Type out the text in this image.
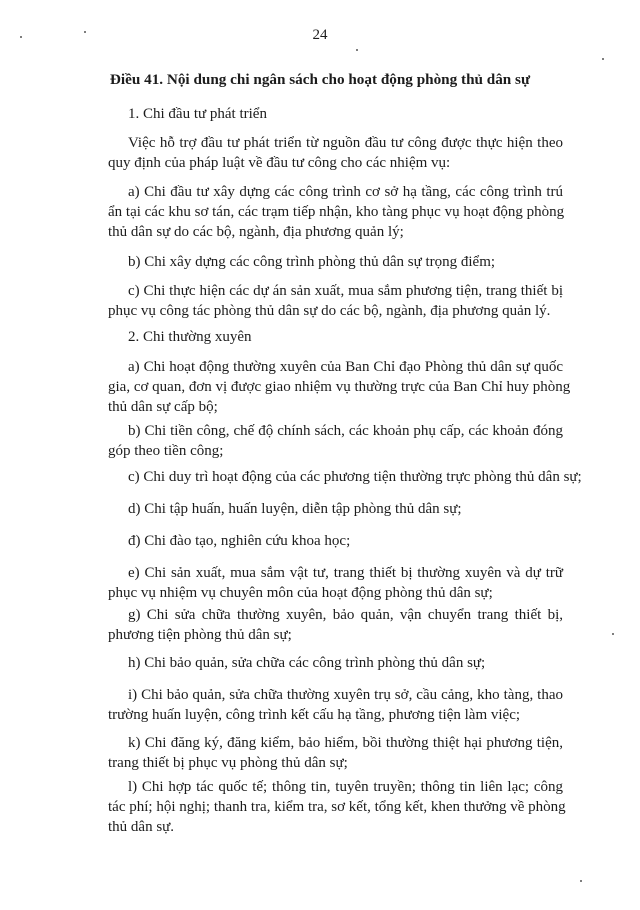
24
Điều 41. Nội dung chi ngân sách cho hoạt động phòng thủ dân sự
1. Chi đầu tư phát triển
Việc hỗ trợ đầu tư phát triển từ nguồn đầu tư công được thực hiện theo
quy định của pháp luật về đầu tư công cho các nhiệm vụ:
a) Chi đầu tư xây dựng các công trình cơ sở hạ tầng, các công trình trú
ẩn tại các khu sơ tán, các trạm tiếp nhận, kho tàng phục vụ hoạt động phòng
thủ dân sự do các bộ, ngành, địa phương quản lý;
b) Chi xây dựng các công trình phòng thủ dân sự trọng điểm;
c) Chi thực hiện các dự án sản xuất, mua sắm phương tiện, trang thiết bị
phục vụ công tác phòng thủ dân sự do các bộ, ngành, địa phương quản lý.
2. Chi thường xuyên
a) Chi hoạt động thường xuyên của Ban Chỉ đạo Phòng thủ dân sự quốc
gia, cơ quan, đơn vị được giao nhiệm vụ thường trực của Ban Chỉ huy phòng
thủ dân sự cấp bộ;
b) Chi tiền công, chế độ chính sách, các khoản phụ cấp, các khoản đóng
góp theo tiền công;
c) Chi duy trì hoạt động của các phương tiện thường trực phòng thủ dân sự;
d) Chi tập huấn, huấn luyện, diễn tập phòng thủ dân sự;
đ) Chi đào tạo, nghiên cứu khoa học;
e) Chi sản xuất, mua sắm vật tư, trang thiết bị thường xuyên và dự trữ
phục vụ nhiệm vụ chuyên môn của hoạt động phòng thủ dân sự;
g) Chi sửa chữa thường xuyên, bảo quản, vận chuyển trang thiết bị,
phương tiện phòng thủ dân sự;
h) Chi bảo quản, sửa chữa các công trình phòng thủ dân sự;
i) Chi bảo quản, sửa chữa thường xuyên trụ sở, cầu cảng, kho tàng, thao
trường huấn luyện, công trình kết cấu hạ tầng, phương tiện làm việc;
k) Chi đăng ký, đăng kiểm, bảo hiểm, bồi thường thiệt hại phương tiện,
trang thiết bị phục vụ phòng thủ dân sự;
l) Chi hợp tác quốc tế; thông tin, tuyên truyền; thông tin liên lạc; công
tác phí; hội nghị; thanh tra, kiểm tra, sơ kết, tổng kết, khen thưởng về phòng
thủ dân sự.
